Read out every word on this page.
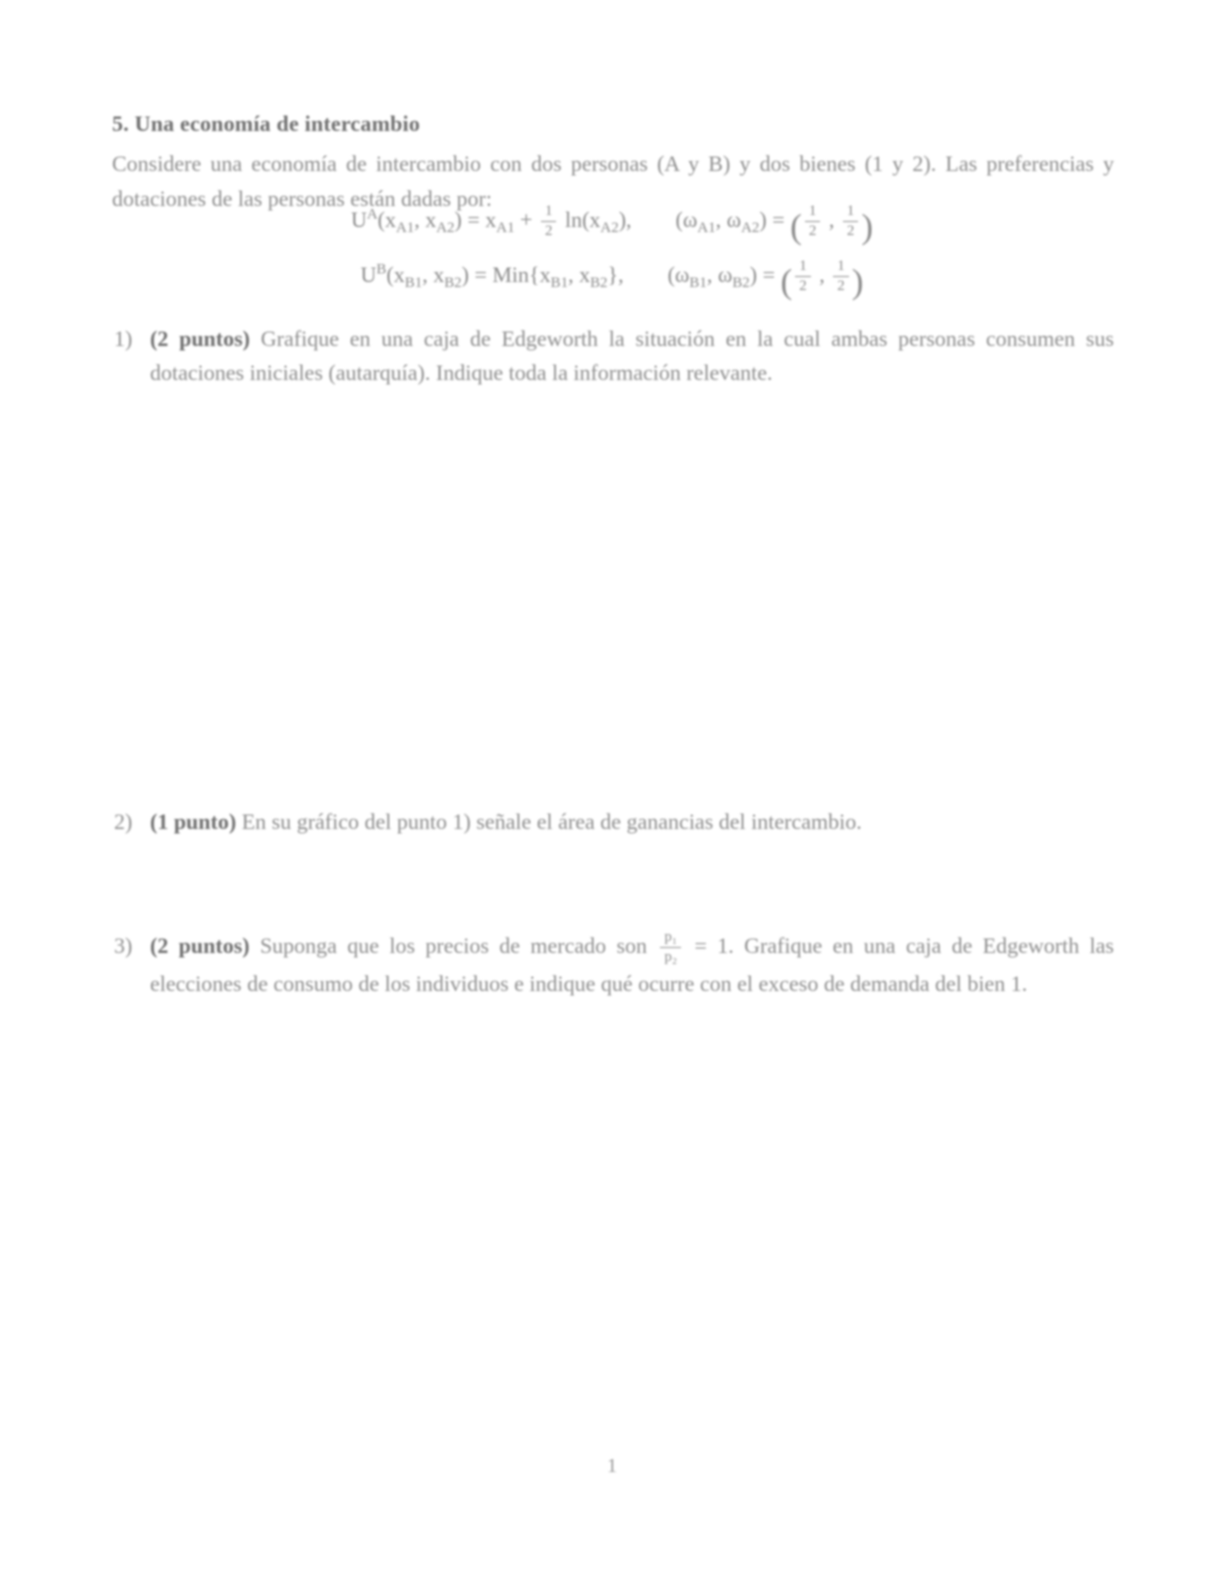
5. Una economía de intercambio
Considere una economía de intercambio con dos personas (A y B) y dos bienes (1 y 2). Las preferencias y dotaciones de las personas están dadas por:
$U^A(x_{A1}$, $x_{A2}) = x_{A1} + \frac{1}{2} \ln(x_{A2})$,  ($\omega_{A1}$, $\omega_{A2}$) = ( $\frac{1}{2}$ , $\frac{1}{2}$ )
$U^B(x_{B1}$, $x_{B2}) = Min\{x_{B1}$, $x_{B2}$},  ($\omega_{B1}$, $\omega_{B2}$) = ( $\frac{1}{2}$ , $\frac{1}{2}$ )
1) (2 puntos) Grafique en una caja de Edgeworth la situación en la cual ambas personas consumen sus dotaciones iniciales (autarquía). Indique toda la información relevante.
2) (1 punto) En su gráfico del punto 1) señale el área de ganancias del intercambio.
3) (2 puntos) Suponga que los precios de mercado son $\frac{\text{p₁}}{\text{p₂}} = 1$. Grafique en una caja de Edgeworth las elecciones de consumo de los individuos e indique qué ocurre con el exceso de demanda del bien 1.
1
